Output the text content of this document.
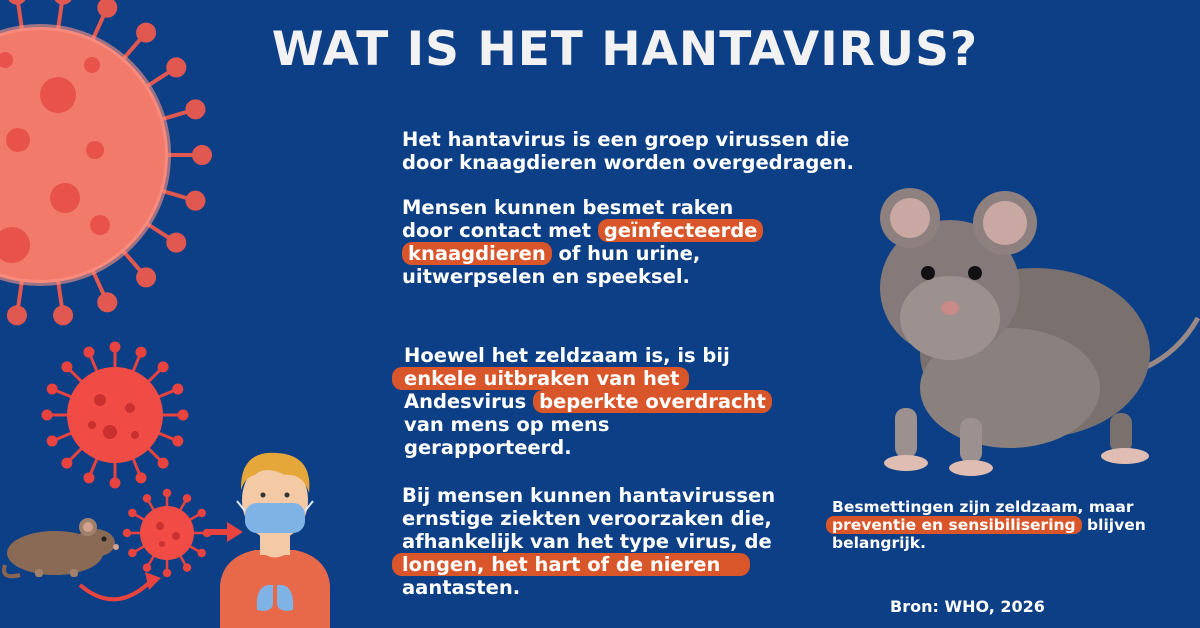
WAT IS HET HANTAVIRUS?
Het hantavirus is een groep virussen die
door knaagdieren worden overgedragen.
Mensen kunnen besmet raken
door contact met geïnfecteerde
knaagdieren of hun urine,
uitwerpselen en speeksel.
Hoewel het zeldzaam is, is bij
enkele uitbraken van het
Andesvirus beperkte overdracht
van mens op mens
gerapporteerd.
Bij mensen kunnen hantavirussen
ernstige ziekten veroorzaken die,
afhankelijk van het type virus, de
longen, het hart of de nieren
aantasten.
Besmettingen zijn zeldzaam, maar
preventie en sensibilisering blijven
belangrijk.
Bron: WHO, 2026
